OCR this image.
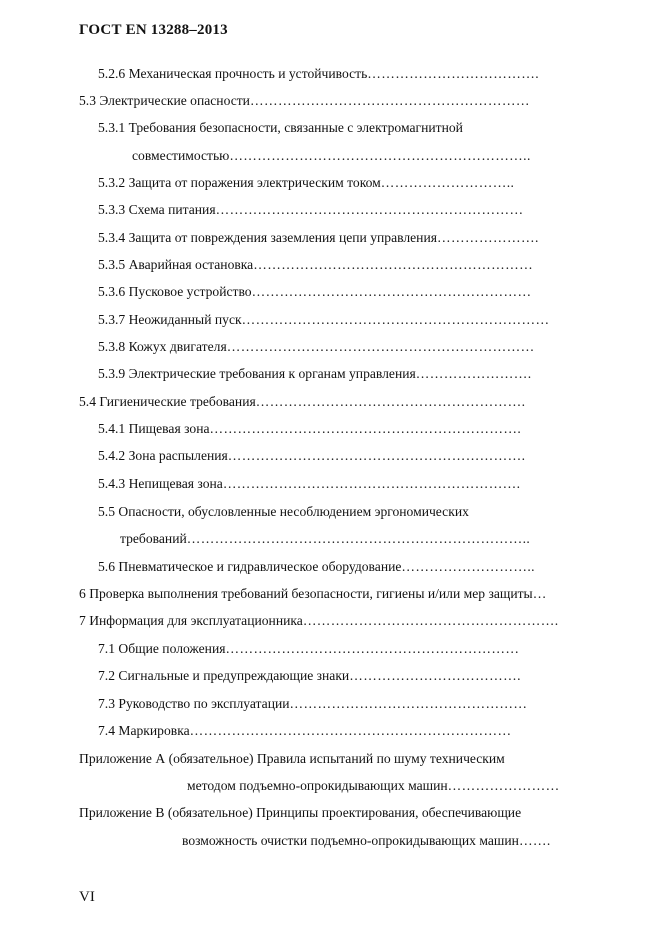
ГОСТ EN 13288–2013
5.2.6 Механическая прочность и устойчивость……………………………….
5.3 Электрические опасности……………………………………………………
5.3.1 Требования безопасности, связанные с электромагнитной
совместимостью………………………………………………………..
5.3.2 Защита от поражения электрическим током………………………..
5.3.3 Схема питания…………………………………………………………
5.3.4 Защита от повреждения заземления цепи управления………………….
5.3.5 Аварийная остановка……………………………………………………
5.3.6 Пусковое устройство……………………………………………………
5.3.7 Неожиданный пуск…………………………………………………………
5.3.8 Кожух двигателя…………………………………………………………
5.3.9 Электрические требования к органам управления…………………….
5.4 Гигиенические требования………………………………………………….
5.4.1 Пищевая зона………………………………………………………….
5.4.2 Зона распыления……………………………………………………….
5.4.3 Непищевая зона……………………………………………………….
5.5 Опасности, обусловленные несоблюдением эргономических
требований………………………………………………………………..
5.6 Пневматическое и гидравлическое оборудование………………………..
6 Проверка выполнения требований безопасности, гигиены и/или мер защиты…
7 Информация для эксплуатационника……………………………………………….
7.1 Общие положения………………………………………………………
7.2 Сигнальные и предупреждающие знаки……………………………….
7.3 Руководство по эксплуатации……………………………………………
7.4 Маркировка……………………………………………………………
Приложение А (обязательное) Правила испытаний по шуму техническим
методом подъемно-опрокидывающих машин……………………
Приложение В (обязательное) Принципы проектирования, обеспечивающие
возможность очистки подъемно-опрокидывающих машин…….
VI
